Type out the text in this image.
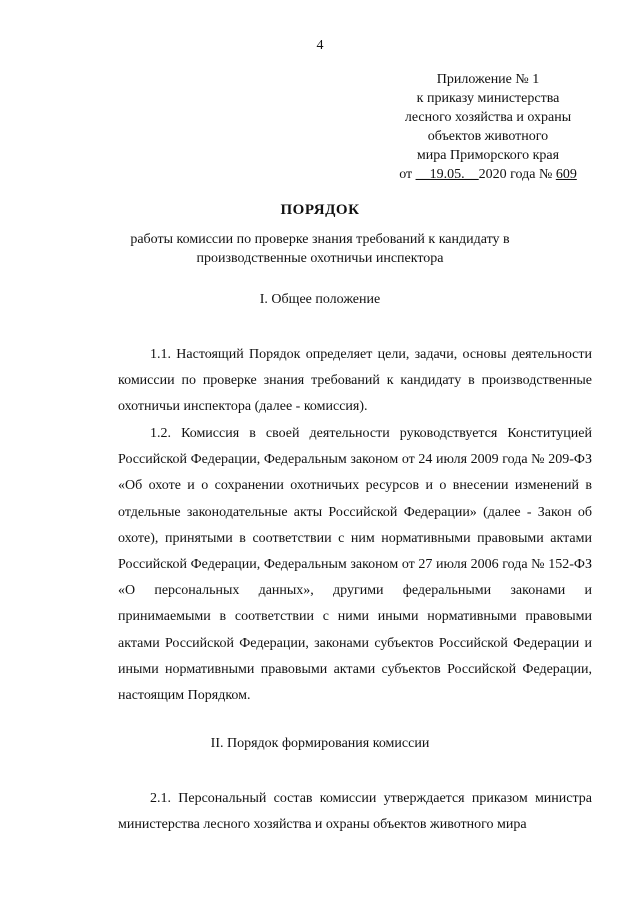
4
Приложение № 1
к приказу министерства
лесного хозяйства и охраны
объектов животного
мира Приморского края
от __19.05.__2020 года № 609
ПОРЯДОК
работы комиссии по проверке знания требований к кандидату в производственные охотничьи инспектора
I. Общее положение
1.1. Настоящий Порядок определяет цели, задачи, основы деятельности комиссии по проверке знания требований к кандидату в производственные охотничьи инспектора (далее - комиссия).
1.2. Комиссия в своей деятельности руководствуется Конституцией Российской Федерации, Федеральным законом от 24 июля 2009 года № 209-ФЗ «Об охоте и о сохранении охотничьих ресурсов и о внесении изменений в отдельные законодательные акты Российской Федерации» (далее - Закон об охоте), принятыми в соответствии с ним нормативными правовыми актами Российской Федерации, Федеральным законом от 27 июля 2006 года № 152-ФЗ «О персональных данных», другими федеральными законами и принимаемыми в соответствии с ними иными нормативными правовыми актами Российской Федерации, законами субъектов Российской Федерации и иными нормативными правовыми актами субъектов Российской Федерации, настоящим Порядком.
II. Порядок формирования комиссии
2.1. Персональный состав комиссии утверждается приказом министра министерства лесного хозяйства и охраны объектов животного мира
